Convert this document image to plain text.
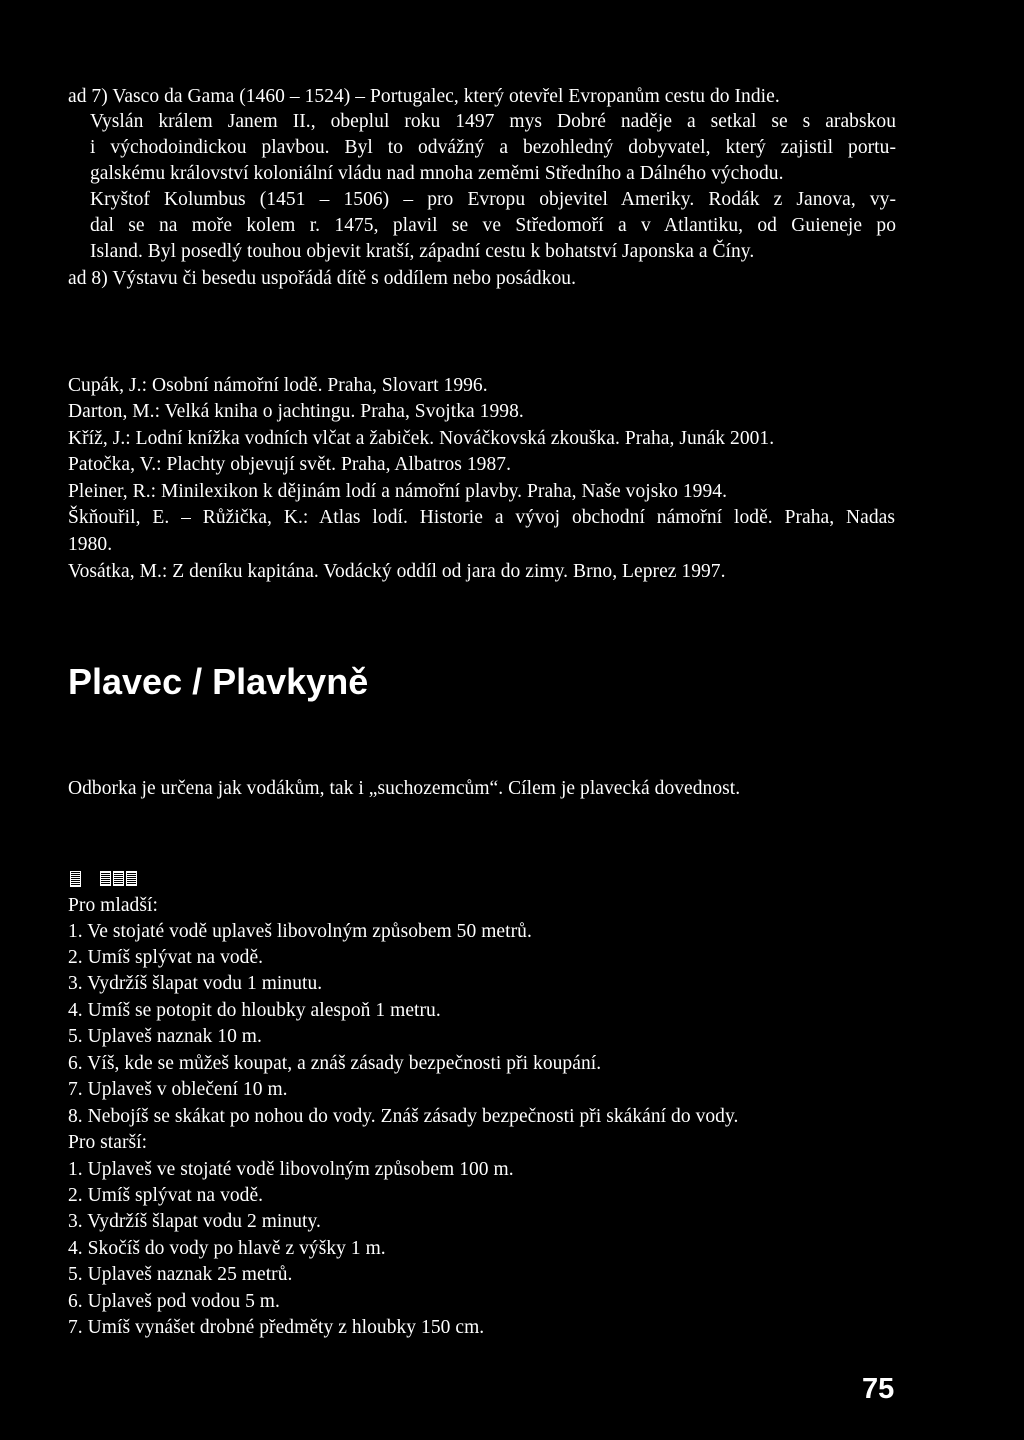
ad 7) Vasco da Gama (1460 – 1524) – Portugalec, který otevřel Evropanům cestu do Indie.
Vyslán králem Janem II., obeplul roku 1497 mys Dobré naděje a setkal se s arabskou
i východoindickou plavbou. Byl to odvážný a bezohledný dobyvatel, který zajistil portu-
galskému království koloniální vládu nad mnoha zeměmi Středního a Dálného východu.
Kryštof Kolumbus (1451 – 1506) – pro Evropu objevitel Ameriky. Rodák z Janova, vy-
dal se na moře kolem r. 1475, plavil se ve Středomoří a v Atlantiku, od Guieneje po
Island. Byl posedlý touhou objevit kratší, západní cestu k bohatství Japonska a Číny.
ad 8) Výstavu či besedu uspořádá dítě s oddílem nebo posádkou.
Cupák, J.: Osobní námořní lodě. Praha, Slovart 1996.
Darton, M.: Velká kniha o jachtingu. Praha, Svojtka 1998.
Kříž, J.: Lodní knížka vodních vlčat a žabiček. Nováčkovská zkouška. Praha, Junák 2001.
Patočka, V.: Plachty objevují svět. Praha, Albatros 1987.
Pleiner, R.: Minilexikon k dějinám lodí a námořní plavby. Praha, Naše vojsko 1994.
Škňouřil, E. – Růžička, K.: Atlas lodí. Historie a vývoj obchodní námořní lodě. Praha, Nadas
1980.
Vosátka, M.: Z deníku kapitána. Vodácký oddíl od jara do zimy. Brno, Leprez 1997.
Plavec / Plavkyně
Odborka je určena jak vodákům, tak i „suchozemcům“. Cílem je plavecká dovednost.
Pro mladší:
1. Ve stojaté vodě uplaveš libovolným způsobem 50 metrů.
2. Umíš splývat na vodě.
3. Vydržíš šlapat vodu 1 minutu.
4. Umíš se potopit do hloubky alespoň 1 metru.
5. Uplaveš naznak 10 m.
6. Víš, kde se můžeš koupat, a znáš zásady bezpečnosti při koupání.
7. Uplaveš v oblečení 10 m.
8. Nebojíš se skákat po nohou do vody. Znáš zásady bezpečnosti při skákání do vody.
Pro starší:
1. Uplaveš ve stojaté vodě libovolným způsobem 100 m.
2. Umíš splývat na vodě.
3. Vydržíš šlapat vodu 2 minuty.
4. Skočíš do vody po hlavě z výšky 1 m.
5. Uplaveš naznak 25 metrů.
6. Uplaveš pod vodou 5 m.
7. Umíš vynášet drobné předměty z hloubky 150 cm.
75
